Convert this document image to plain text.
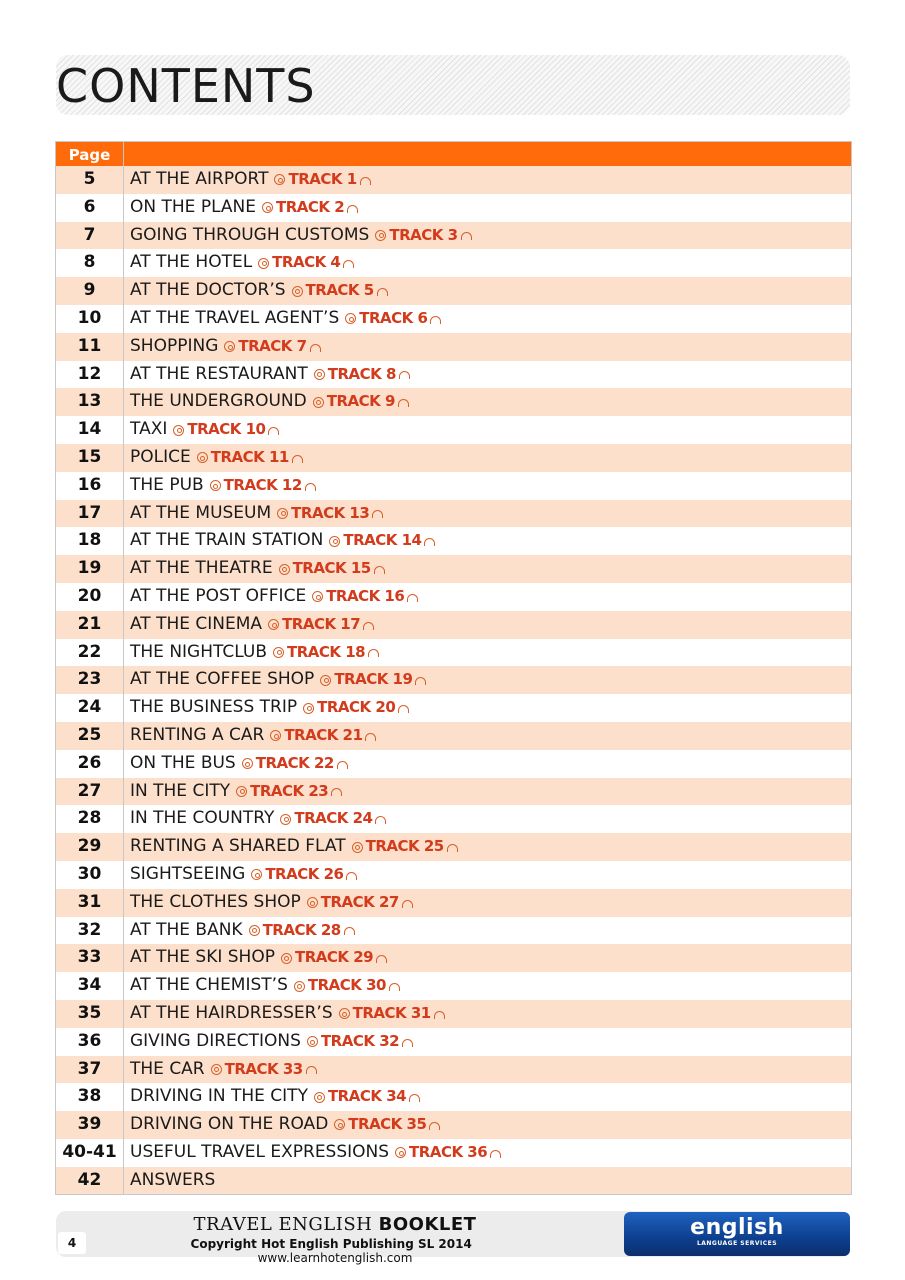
CONTENTS
Page
5	AT THE AIRPORT TRACK 1
6	ON THE PLANE TRACK 2
7	GOING THROUGH CUSTOMS TRACK 3
8	AT THE HOTEL TRACK 4
9	AT THE DOCTOR’S TRACK 5
10	AT THE TRAVEL AGENT’S TRACK 6
11	SHOPPING TRACK 7
12	AT THE RESTAURANT TRACK 8
13	THE UNDERGROUND TRACK 9
14	TAXI TRACK 10
15	POLICE TRACK 11
16	THE PUB TRACK 12
17	AT THE MUSEUM TRACK 13
18	AT THE TRAIN STATION TRACK 14
19	AT THE THEATRE TRACK 15
20	AT THE POST OFFICE TRACK 16
21	AT THE CINEMA TRACK 17
22	THE NIGHTCLUB TRACK 18
23	AT THE COFFEE SHOP TRACK 19
24	THE BUSINESS TRIP TRACK 20
25	RENTING A CAR TRACK 21
26	ON THE BUS TRACK 22
27	IN THE CITY TRACK 23
28	IN THE COUNTRY TRACK 24
29	RENTING A SHARED FLAT TRACK 25
30	SIGHTSEEING TRACK 26
31	THE CLOTHES SHOP TRACK 27
32	AT THE BANK TRACK 28
33	AT THE SKI SHOP TRACK 29
34	AT THE CHEMIST’S TRACK 30
35	AT THE HAIRDRESSER’S TRACK 31
36	GIVING DIRECTIONS TRACK 32
37	THE CAR TRACK 33
38	DRIVING IN THE CITY TRACK 34
39	DRIVING ON THE ROAD TRACK 35
40-41 USEFUL TRAVEL EXPRESSIONS TRACK 36
42	ANSWERS
4
TRAVEL ENGLISH BOOKLET
Copyright Hot English Publishing SL 2014   www.learnhotenglish.com
english
LANGUAGE SERVICES
